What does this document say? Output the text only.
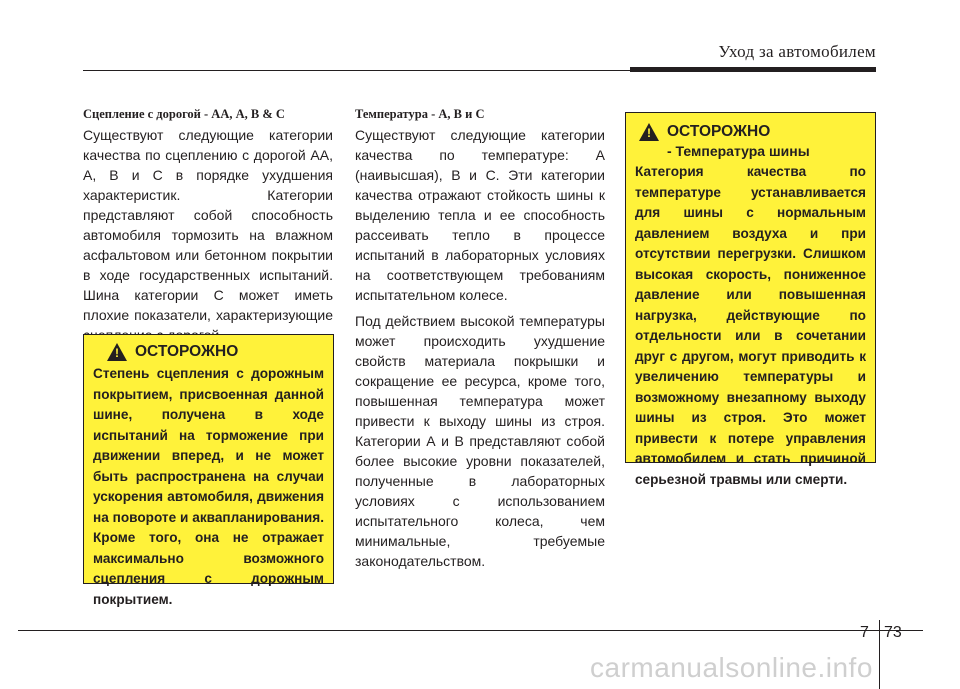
Уход за автомобилем
Сцепление с дорогой - АА, А, В & С

Существуют следующие категории качества по сцеплению с дорогой АА, А, В и С в порядке ухудшения характеристик. Категории представляют собой способность автомобиля тормозить на влажном асфальтовом или бетонном покрытии в ходе государственных испытаний. Шина категории С может иметь плохие показатели, характеризующие

! ОСТОРОЖНО
Степень сцепления с дорожным покрытием, присвоенная данной шине, получена в ходе испытаний на торможение при движении вперед, и не может быть распространена на случаи ускорения автомобиля, движения на повороте и аквапланирования. Кроме того, она не отражает максимально возможного сцепления с дорожным покрытием.
Температура - А, В и С

Существуют следующие категории качества по температуре: А (наивысшая), В и С. Эти категории качества отражают стойкость шины к выделению тепла и ее способность рассеивать тепло в процессе испытаний в лабораторных условиях на соответствующем требованиям испытательном колесе.

Под действием высокой температуры может происходить ухудшение свойств материала покрышки и сокращение ее ресурса, кроме того, повышенная температура может привести к выходу шины из строя. Категории А и В представляют собой более высокие уровни показателей, полученные в лабораторных условиях с использованием испытательного колеса, чем минимальные, требуемые законодательством.

! ОСТОРОЖНО
- Температура шины
Категория качества по температуре устанавливается для шины с нормальным давлением воздуха и при отсутствии перегрузки. Слишком высокая скорость, пониженное давление или повышенная нагрузка, действующие по отдельности или в сочетании друг с другом, могут приводить к увеличению температуры и возможному внезапному выходу шины из строя. Это может привести к потере управления автомобилем и стать причиной серьезной травмы или смерти.
7 73
carmanualsonline.info
